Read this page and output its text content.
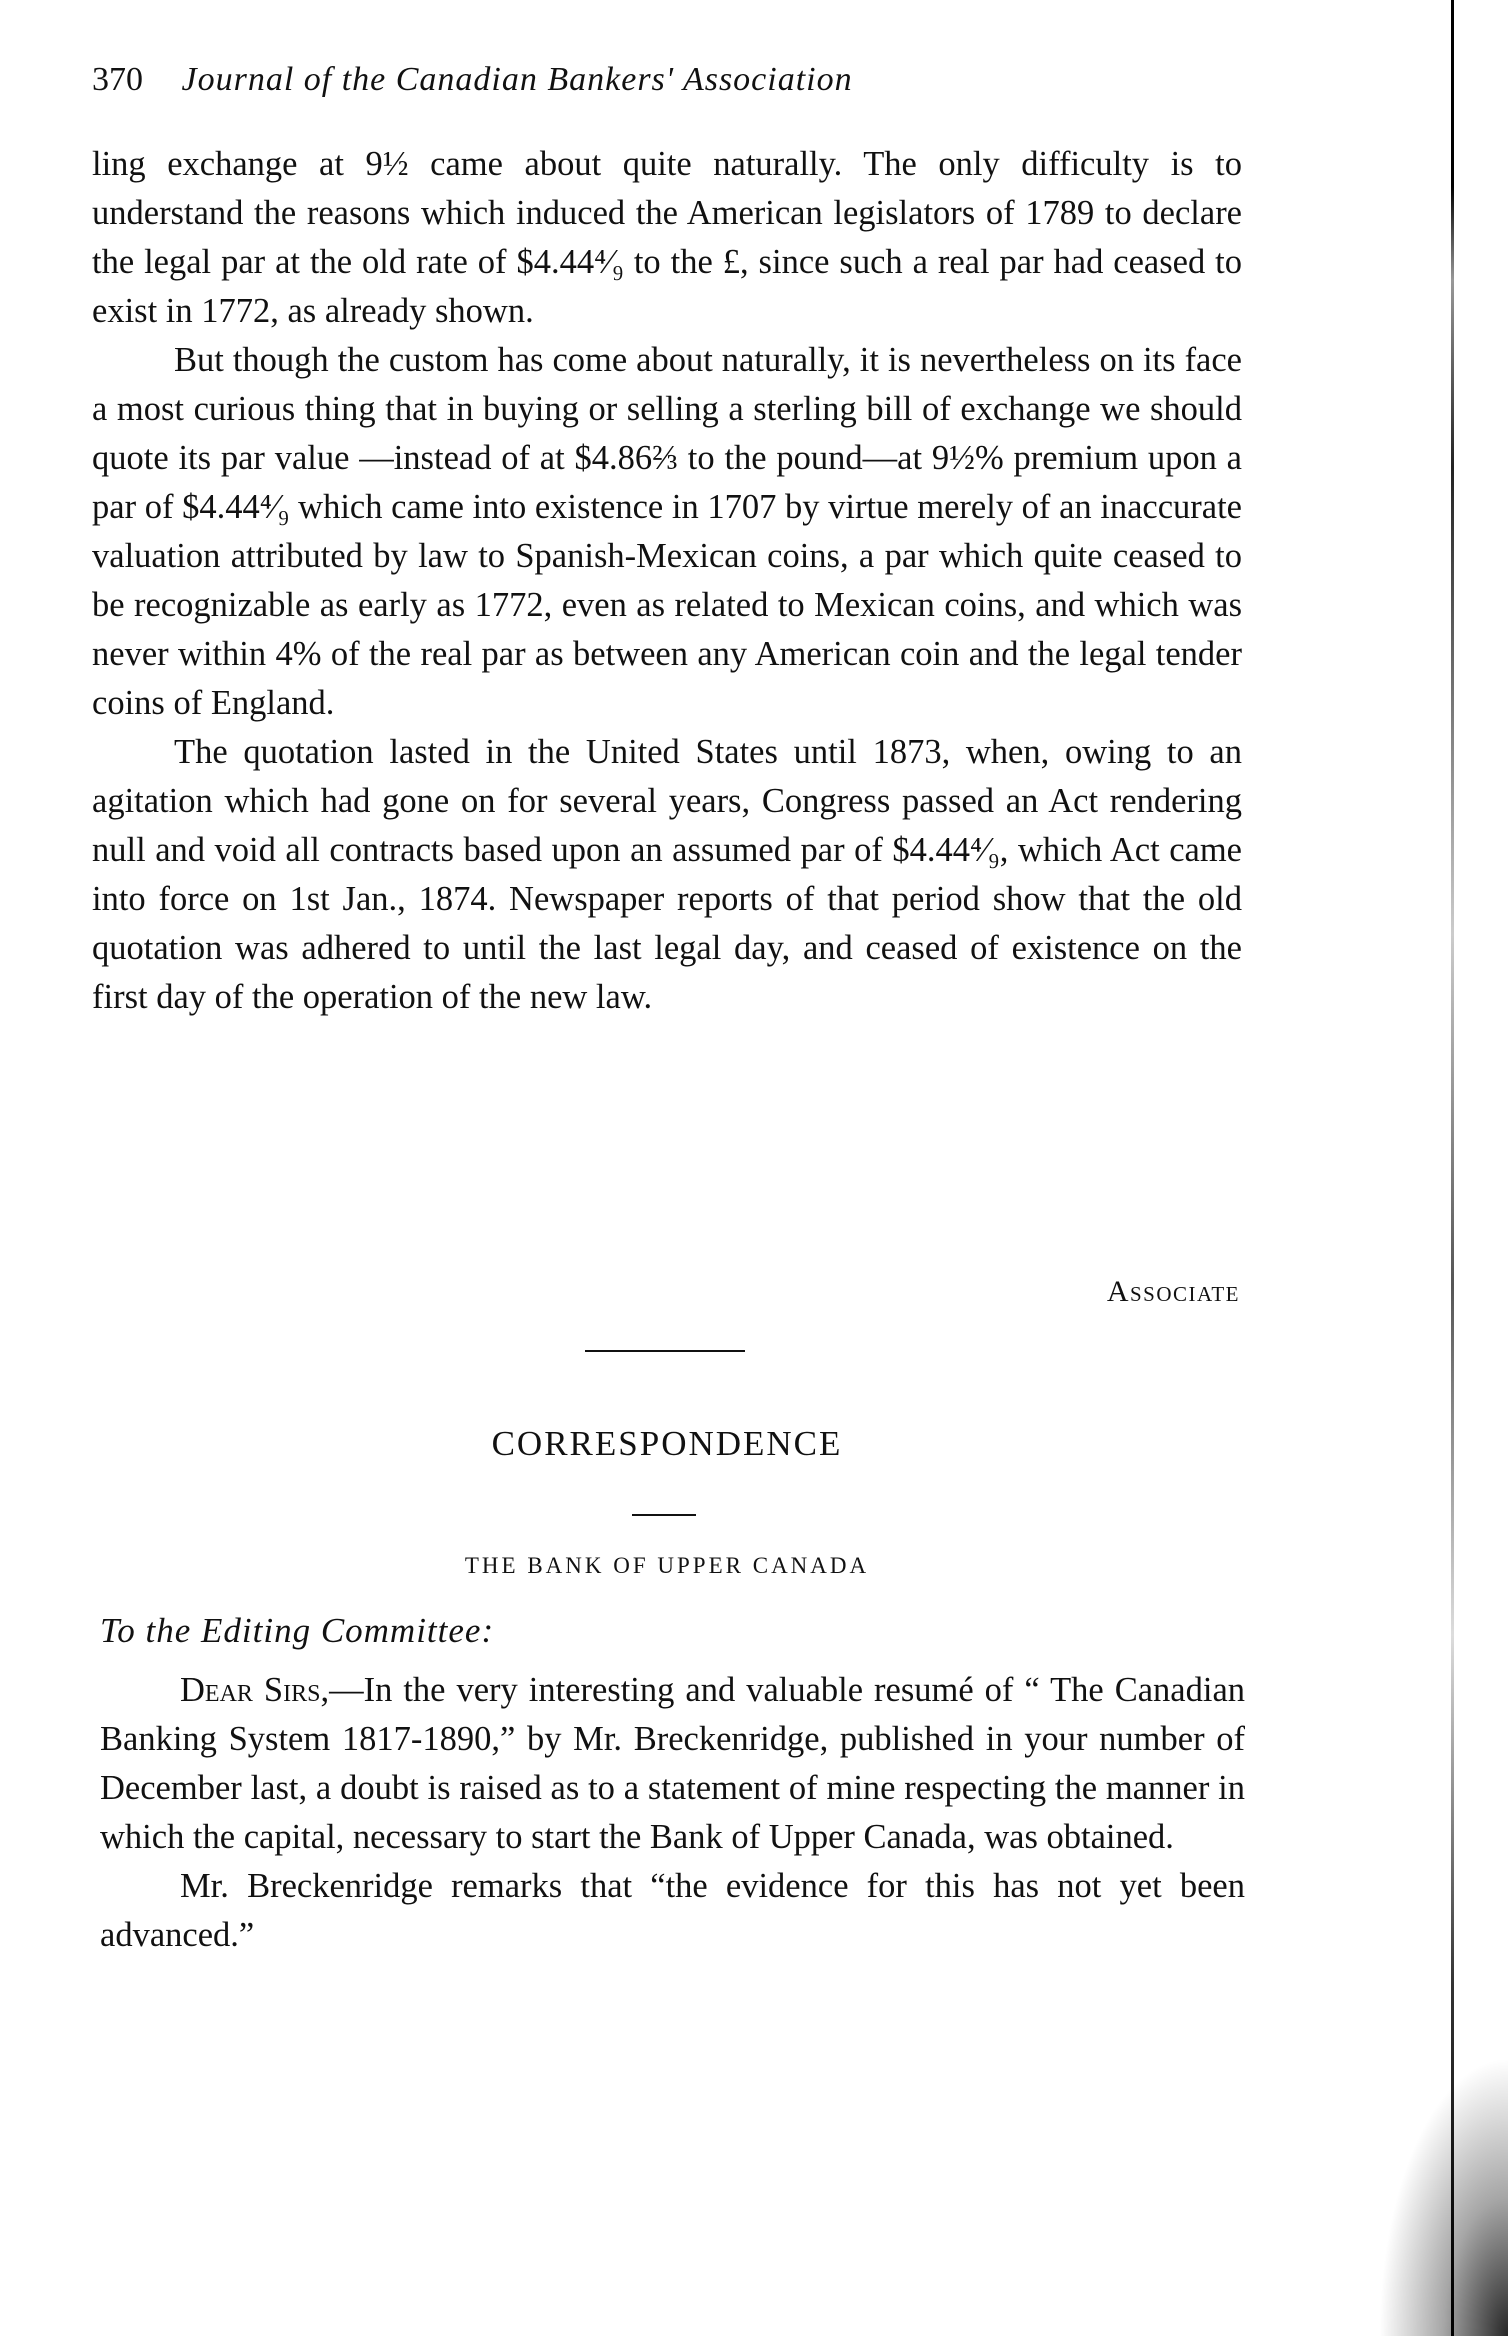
370 Journal of the Canadian Bankers' Association

ling exchange at 9½ came about quite naturally. The only difficulty is to understand the reasons which induced the American legislators of 1789 to declare the legal par at the old rate of $4.44⁴⁄₉ to the £, since such a real par had ceased to exist in 1772, as already shown.

But though the custom has come about naturally, it is nevertheless on its face a most curious thing that in buying or selling a sterling bill of exchange we should quote its par value —instead of at $4.86⅔ to the pound—at 9½% premium upon a par of $4.44⁴⁄₉ which came into existence in 1707 by virtue merely of an inaccurate valuation attributed by law to Spanish-Mexican coins, a par which quite ceased to be recognizable as early as 1772, even as related to Mexican coins, and which was never within 4% of the real par as between any American coin and the legal tender coins of England.

The quotation lasted in the United States until 1873, when, owing to an agitation which had gone on for several years, Congress passed an Act rendering null and void all contracts based upon an assumed par of $4.44⁴⁄₉, which Act came into force on 1st Jan., 1874. Newspaper reports of that period show that the old quotation was adhered to until the last legal day, and ceased of existence on the first day of the operation of the new law.

Associate
CORRESPONDENCE
THE BANK OF UPPER CANADA
To the Editing Committee:

Dear Sirs,—In the very interesting and valuable resumé of “ The Canadian Banking System 1817-1890,” by Mr. Breckenridge, published in your number of December last, a doubt is raised as to a statement of mine respecting the manner in which the capital, necessary to start the Bank of Upper Canada, was obtained.

Mr. Breckenridge remarks that “the evidence for this has not yet been advanced.”
